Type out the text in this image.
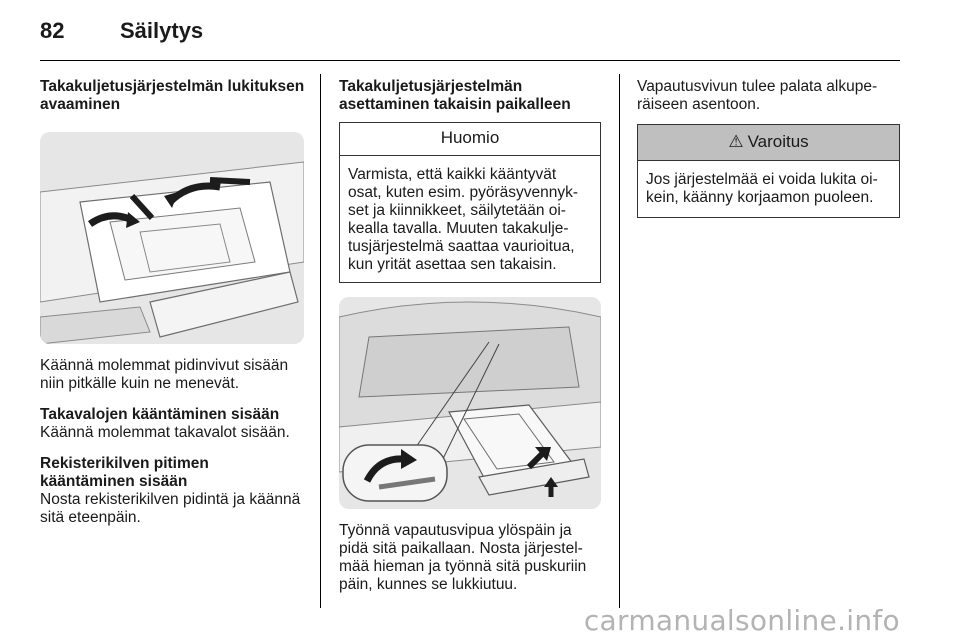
82	Säilytys
Takakuljetusjärjestelmän lukituksen avaaminen

Käännä molemmat pidinvivut sisään niin pitkälle kuin ne menevät.

Takavalojen kääntäminen sisään

Käännä molemmat takavalot sisään.

Rekisterikilven pitimen kääntäminen sisään

Nosta rekisterikilven pidintä ja käännä sitä eteenpäin.

Takakuljetusjärjestelmän asettaminen takaisin paikalleen
Huomio
Varmista, että kaikki kääntyvät osat, kuten esim. pyöräsyvennyk-set ja kiinnikkeet, säilytetään oi-kealla tavalla. Muuten takakulje-tusjärjestelmä saattaa vaurioitua, kun yrität asettaa sen takaisin.

Työnnä vapautusvipua ylöspäin ja pidä sitä paikallaan. Nosta järjestel-mää hieman ja työnnä sitä puskuriin päin, kunnes se lukkiutuu.

Vapautusvivun tulee palata alkupe-räiseen asentoon.

⚠ Varoitus
Jos järjestelmää ei voida lukita oi-kein, käänny korjaamon puoleen.
carmanualsonline.info
